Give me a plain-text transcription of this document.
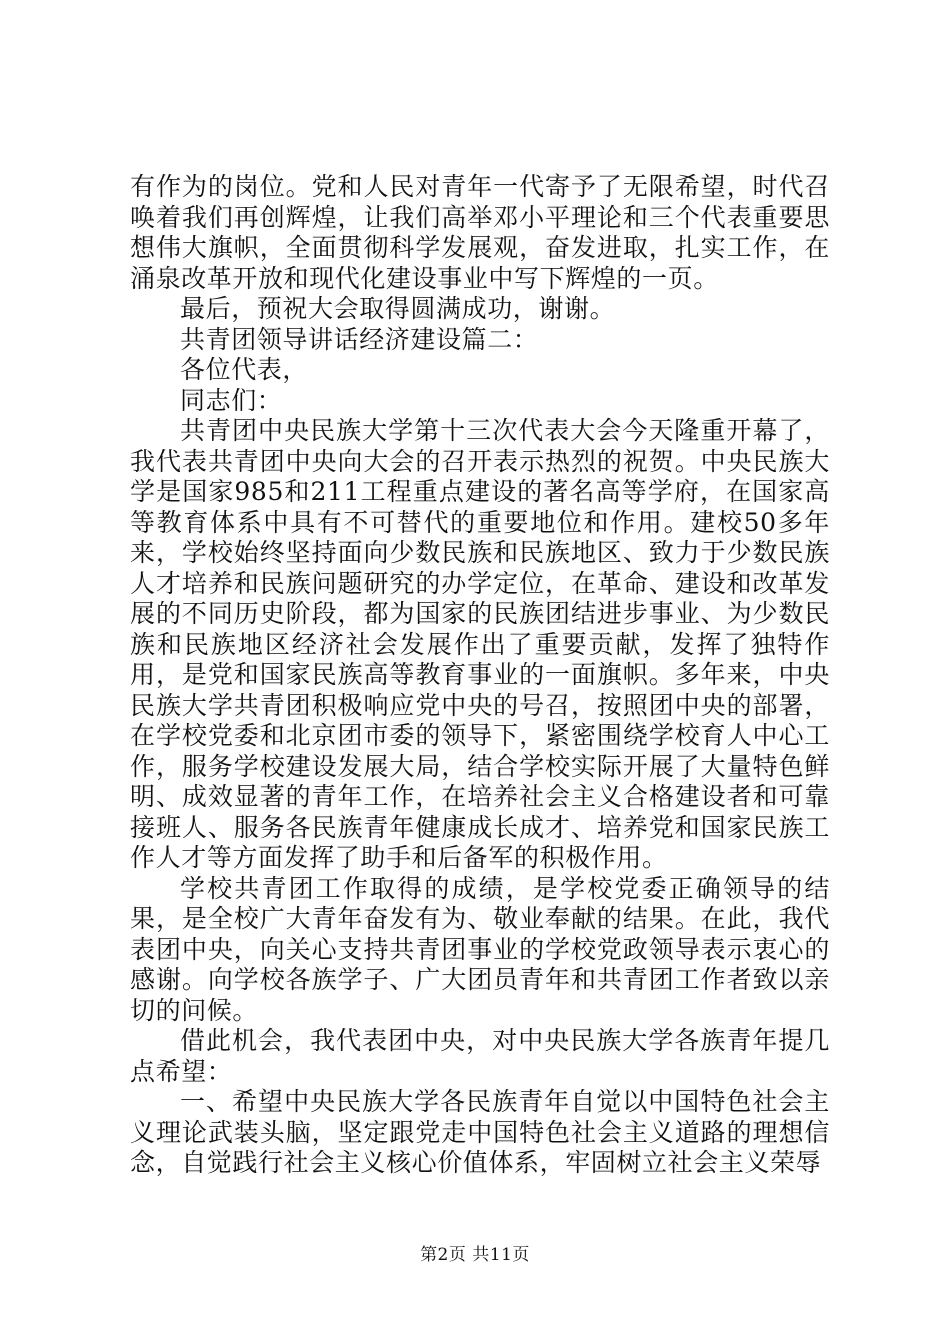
有作为的岗位。党和人民对青年一代寄予了无限希望，时代召唤着我们再创辉煌，让我们高举邓小平理论和三个代表重要思想伟大旗帜，全面贯彻科学发展观，奋发进取，扎实工作，在涌泉改革开放和现代化建设事业中写下辉煌的一页。

最后，预祝大会取得圆满成功，谢谢。

共青团领导讲话经济建设篇二：

各位代表，

同志们：

共青团中央民族大学第十三次代表大会今天隆重开幕了，我代表共青团中央向大会的召开表示热烈的祝贺。中央民族大学是国家985和211工程重点建设的著名高等学府，在国家高等教育体系中具有不可替代的重要地位和作用。建校50多年来，学校始终坚持面向少数民族和民族地区、致力于少数民族人才培养和民族问题研究的办学定位，在革命、建设和改革发展的不同历史阶段，都为国家的民族团结进步事业、为少数民族和民族地区经济社会发展作出了重要贡献，发挥了独特作用，是党和国家民族高等教育事业的一面旗帜。多年来，中央民族大学共青团积极响应党中央的号召，按照团中央的部署，在学校党委和北京团市委的领导下，紧密围绕学校育人中心工作，服务学校建设发展大局，结合学校实际开展了大量特色鲜明、成效显著的青年工作，在培养社会主义合格建设者和可靠接班人、服务各民族青年健康成长成才、培养党和国家民族工作人才等方面发挥了助手和后备军的积极作用。

学校共青团工作取得的成绩，是学校党委正确领导的结果，是全校广大青年奋发有为、敬业奉献的结果。在此，我代表团中央，向关心支持共青团事业的学校党政领导表示衷心的感谢。向学校各族学子、广大团员青年和共青团工作者致以亲切的问候。

借此机会，我代表团中央，对中央民族大学各族青年提几点希望：

一、希望中央民族大学各民族青年自觉以中国特色社会主义理论武装头脑，坚定跟党走中国特色社会主义道路的理想信念，自觉践行社会主义核心价值体系，牢固树立社会主义荣辱

第2页 共11页
